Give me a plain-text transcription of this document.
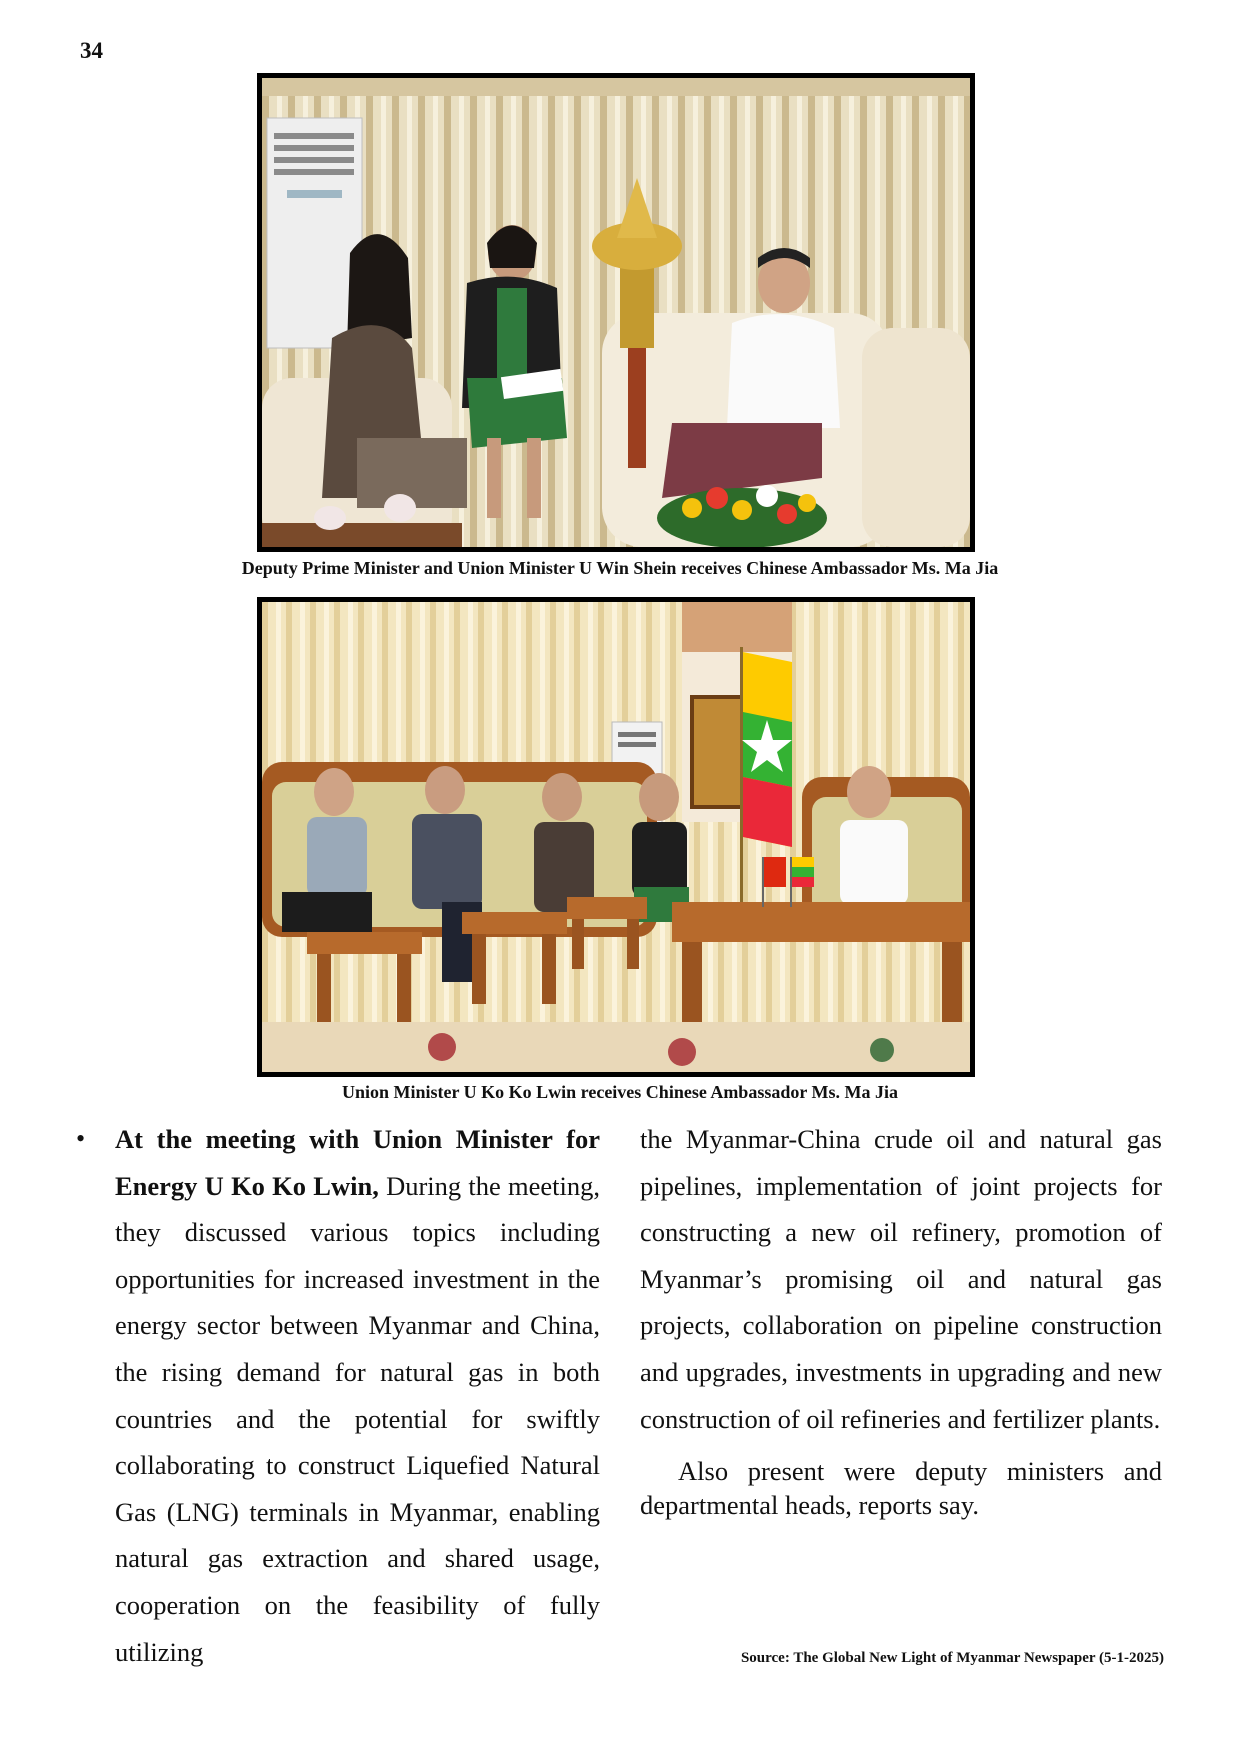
34
Deputy Prime Minister and Union Minister U Win Shein receives Chinese Ambassador Ms. Ma Jia
Union Minister U Ko Ko Lwin receives Chinese Ambassador Ms. Ma Jia
• At the meeting with Union Minister for Energy U Ko Ko Lwin, During the meeting, they discussed various topics including opportunities for increased investment in the energy sector between Myanmar and China, the rising demand for natural gas in both countries and the potential for swiftly collaborating to construct Liquefied Natural Gas (LNG) terminals in Myanmar, enabling natural gas extraction and shared usage, cooperation on the feasibility of fully utilizing
the Myanmar-China crude oil and natural gas pipelines, implementation of joint projects for constructing a new oil refinery, promotion of Myanmar’s promising oil and natural gas projects, collaboration on pipeline construction and upgrades, investments in upgrading and new construction of oil refineries and fertilizer plants.
Also present were deputy ministers and departmental heads, reports say.
Source: The Global New Light of Myanmar Newspaper (5-1-2025)
